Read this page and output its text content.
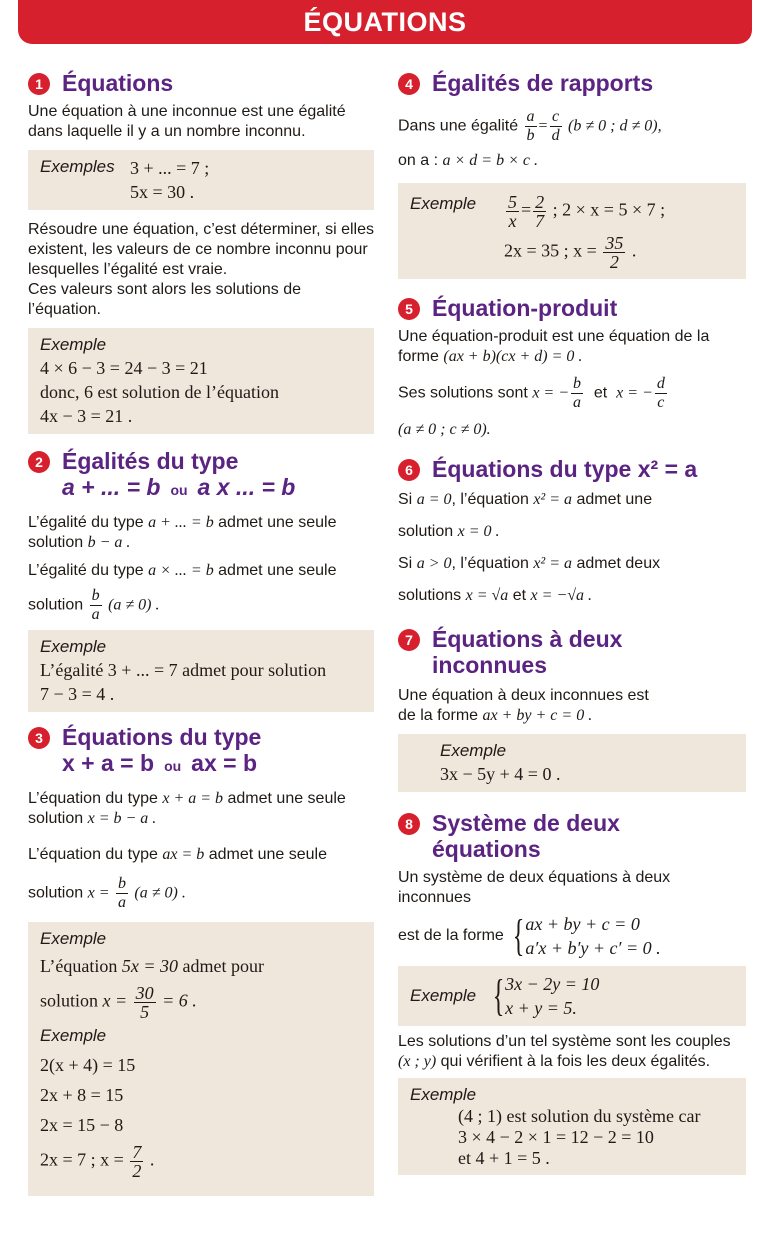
ÉQUATIONS
1 Équations

Une équation à une inconnue est une égalité dans laquelle il y a un nombre inconnu.

Exemples 3 + ... = 7 ;
5x = 30 .

Résoudre une équation, c’est déterminer, si elles existent, les valeurs de ce nombre inconnu pour lesquelles l’égalité est vraie.

Ces valeurs sont alors les solutions de l’équation.

Exemple
4 × 6 − 3 = 24 − 3 = 21
donc, 6 est solution de l’équation
4x − 3 = 21 .
2 Égalités du type
a + ... = b ou a x ... = b

L’égalité du type a + ... = b admet une seule solution b − a .

L’égalité du type a × ... = b admet une seule

solution $\frac{b}{a} (a \ne 0)$ .

Exemple
L’égalité 3 + ... = 7 admet pour solution
7 − 3 = 4 .
3 Équations du type
x + a = b ou ax = b

L’équation du type x + a = b admet une seule solution x = b − a .

L’équation du type ax = b admet une seule

solution $x = \frac{b}{a} (a \ne 0)$ .

Exemple
L’équation 5x = 30 admet pour
solution $x = \frac{30}{5} = 6$ .
Exemple
2(x + 4) = 15
2x + 8 = 15
2x = 15 − 8
2x = 7 ; $x = \frac{7}{2}$ .
4 Égalités de rapports

Dans une égalité $\frac{a}{b} = \frac{c}{d} (b \ne 0$ ; d ≠ 0),

on a : a × d = b × c .

Exemple	$\frac{5}{x} = \frac{2}{7}$ ; 2 × x = 5 × 7 ;
2x = 35 ; $x = \frac{35}{2}$ .
5 Équation-produit

Une équation-produit est une équation de la forme (ax + b)(cx + d) = 0 .

Ses solutions sont x = − $\frac{b}{a}$ et x = − $\frac{d}{c}$

(a ≠ 0 ; c ≠ 0).

6 Équations du type x² = a

Si a = 0, l’équation x² = a admet une

solution x = 0 .

Si a > 0, l’équation x² = a admet deux

solutions x = √a et x = −√a .

7 Équations à deux
inconnues

Une équation à deux inconnues est

de la forme ax + by + c = 0 .

Exemple
3x − 5y + 4 = 0 .
8 Système de deux
équations

Un système de deux équations à deux inconnues

est de la forme { ax + by + c = 0
a′x + b′y + c′ = 0 .

Exemple { 3x − 2y = 10
x + y = 5.

Les solutions d’un tel système sont les couples (x ; y) qui vérifient à la fois les deux égalités.

Exemple
(4 ; 1) est solution du système car
3 × 4 − 2 × 1 = 12 − 2 = 10
et 4 + 1 = 5 .
